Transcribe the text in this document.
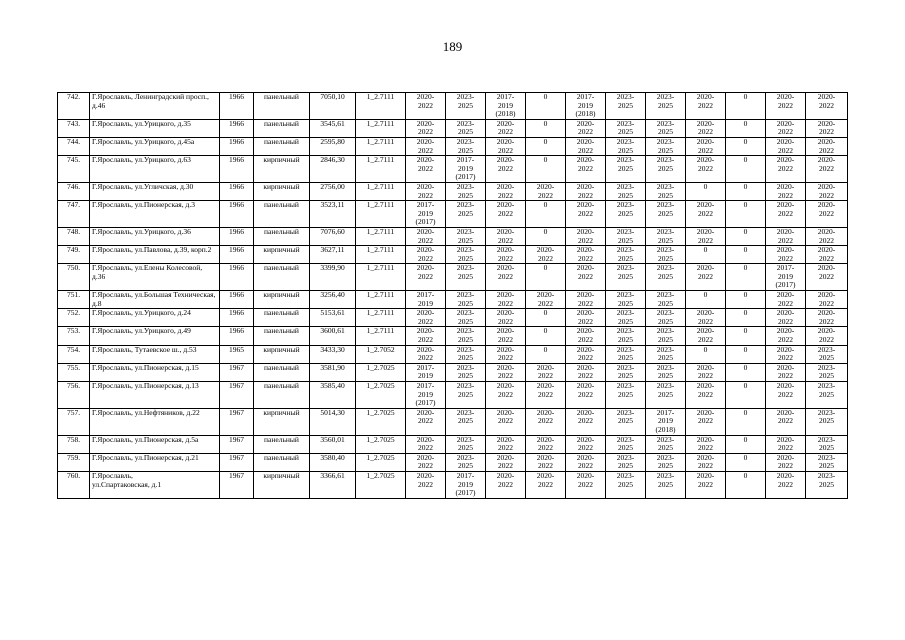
189
742.	Г.Ярославль, Ленинградский просп., д.46	1966	панельный	7050,10	1_2.7111	2020-
2022	2023-
2025	2017-
2019
(2018)	0	2017-
2019
(2018)	2023-
2025	2023-
2025	2020-
2022	0	2020-
2022	2020-
2022
743.	Г.Ярославль, ул.Урицкого, д.35	1966	панельный	3545,61	1_2.7111	2020-
2022	2023-
2025	2020-
2022	0	2020-
2022	2023-
2025	2023-
2025	2020-
2022	0	2020-
2022	2020-
2022
744.	Г.Ярославль, ул.Урицкого, д.45а	1966	панельный	2595,80	1_2.7111	2020-
2022	2023-
2025	2020-
2022	0	2020-
2022	2023-
2025	2023-
2025	2020-
2022	0	2020-
2022	2020-
2022
745.	Г.Ярославль, ул.Урицкого, д.63	1966	кирпичный	2846,30	1_2.7111	2020-
2022	2017-
2019
(2017)	2020-
2022	0	2020-
2022	2023-
2025	2023-
2025	2020-
2022	0	2020-
2022	2020-
2022
746.	Г.Ярославль, ул.Угличская, д.30	1966	кирпичный	2756,00	1_2.7111	2020-
2022	2023-
2025	2020-
2022	2020-
2022	2020-
2022	2023-
2025	2023-
2025	0	0	2020-
2022	2020-
2022
747.	Г.Ярославль, ул.Пионерская, д.3	1966	панельный	3523,11	1_2.7111	2017-
2019
(2017)	2023-
2025	2020-
2022	0	2020-
2022	2023-
2025	2023-
2025	2020-
2022	0	2020-
2022	2020-
2022
748.	Г.Ярославль, ул.Урицкого, д.36	1966	панельный	7076,60	1_2.7111	2020-
2022	2023-
2025	2020-
2022	0	2020-
2022	2023-
2025	2023-
2025	2020-
2022	0	2020-
2022	2020-
2022
749.	Г.Ярославль, ул.Павлова, д.39, корп.2	1966	кирпичный	3627,11	1_2.7111	2020-
2022	2023-
2025	2020-
2022	2020-
2022	2020-
2022	2023-
2025	2023-
2025	0	0	2020-
2022	2020-
2022
750.	Г.Ярославль, ул.Елены Колесовой, д.36	1966	панельный	3399,90	1_2.7111	2020-
2022	2023-
2025	2020-
2022	0	2020-
2022	2023-
2025	2023-
2025	2020-
2022	0	2017-
2019
(2017)	2020-
2022
751.	Г.Ярославль, ул.Большая Техническая, д.8	1966	кирпичный	3256,40	1_2.7111	2017-
2019	2023-
2025	2020-
2022	2020-
2022	2020-
2022	2023-
2025	2023-
2025	0	0	2020-
2022	2020-
2022
752.	Г.Ярославль, ул.Урицкого, д.24	1966	панельный	5153,61	1_2.7111	2020-
2022	2023-
2025	2020-
2022	0	2020-
2022	2023-
2025	2023-
2025	2020-
2022	0	2020-
2022	2020-
2022
753.	Г.Ярославль, ул.Урицкого, д.49	1966	панельный	3600,61	1_2.7111	2020-
2022	2023-
2025	2020-
2022	0	2020-
2022	2023-
2025	2023-
2025	2020-
2022	0	2020-
2022	2020-
2022
754.	Г.Ярославль, Тутаевское ш., д.53	1965	кирпичный	3433,30	1_2.7052	2020-
2022	2023-
2025	2020-
2022	0	2020-
2022	2023-
2025	2023-
2025	0	0	2020-
2022	2023-
2025
755.	Г.Ярославль, ул.Пионерская, д.15	1967	панельный	3581,90	1_2.7025	2017-
2019	2023-
2025	2020-
2022	2020-
2022	2020-
2022	2023-
2025	2023-
2025	2020-
2022	0	2020-
2022	2023-
2025
756.	Г.Ярославль, ул.Пионерская, д.13	1967	панельный	3585,40	1_2.7025	2017-
2019
(2017)	2023-
2025	2020-
2022	2020-
2022	2020-
2022	2023-
2025	2023-
2025	2020-
2022	0	2020-
2022	2023-
2025
757.	Г.Ярославль, ул.Нефтяников, д.22	1967	кирпичный	5014,30	1_2.7025	2020-
2022	2023-
2025	2020-
2022	2020-
2022	2020-
2022	2023-
2025	2017-
2019
(2018)	2020-
2022	0	2020-
2022	2023-
2025
758.	Г.Ярославль, ул.Пионерская, д.5а	1967	панельный	3560,01	1_2.7025	2020-
2022	2023-
2025	2020-
2022	2020-
2022	2020-
2022	2023-
2025	2023-
2025	2020-
2022	0	2020-
2022	2023-
2025
759.	Г.Ярославль, ул.Пионерская, д.21	1967	панельный	3580,40	1_2.7025	2020-
2022	2023-
2025	2020-
2022	2020-
2022	2020-
2022	2023-
2025	2023-
2025	2020-
2022	0	2020-
2022	2023-
2025
760.	Г.Ярославль,
ул.Спартаковская, д.1	1967	кирпичный	3366,61	1_2.7025	2020-
2022	2017-
2019
(2017)	2020-
2022	2020-
2022	2020-
2022	2023-
2025	2023-
2025	2020-
2022	0	2020-
2022	2023-
2025
